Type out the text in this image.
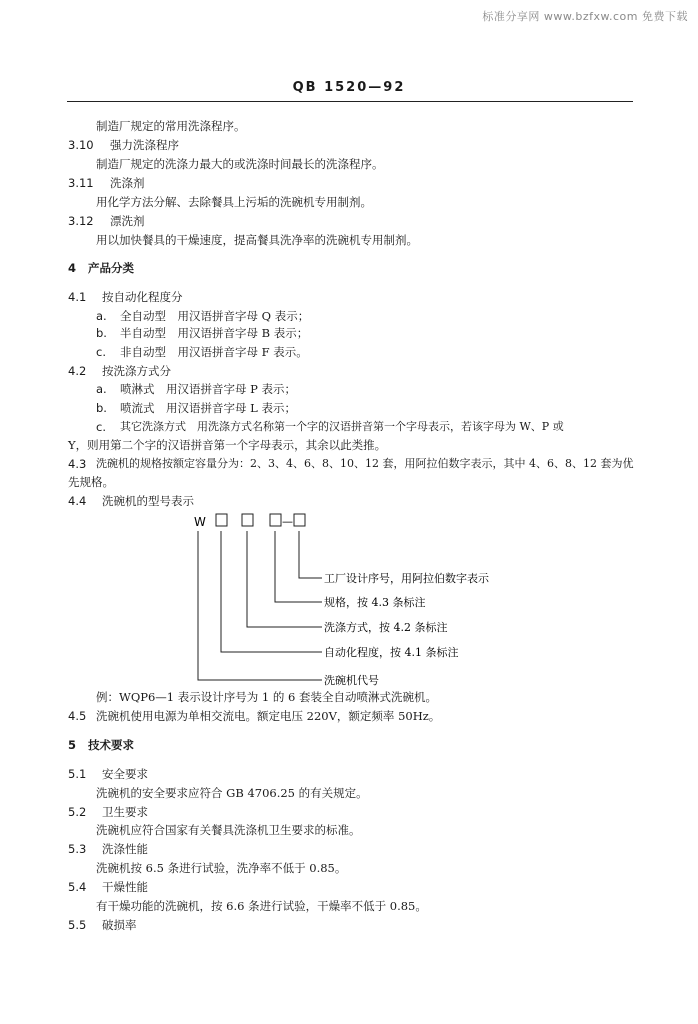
标准分享网 www.bzfxw.com 免费下载
QB 1520—92
制造厂规定的常用洗涤程序。
3.10 强力洗涤程序
制造厂规定的洗涤力最大的或洗涤时间最长的洗涤程序。
3.11 洗涤剂
用化学方法分解、去除餐具上污垢的洗碗机专用制剂。
3.12 漂洗剂
用以加快餐具的干燥速度，提高餐具洗净率的洗碗机专用制剂。
4 产品分类
4.1 按自动化程度分
a. 全自动型　用汉语拼音字母 Q 表示；
b. 半自动型　用汉语拼音字母 B 表示；
c. 非自动型　用汉语拼音字母 F 表示。
4.2 按洗涤方式分
a. 喷淋式　用汉语拼音字母 P 表示；
b. 喷流式　用汉语拼音字母 L 表示；
c. 其它洗涤方式　用洗涤方式名称第一个字的汉语拼音第一个字母表示，若该字母为 W、P 或
Y，则用第二个字的汉语拼音第一个字母表示，其余以此类推。
4.3 洗碗机的规格按额定容量分为：2、3、4、6、8、10、12 套，用阿拉伯数字表示，其中 4、6、8、12 套为优
先规格。
4.4 洗碗机的型号表示
W	—
工厂设计序号，用阿拉伯数字表示
规格，按 4.3 条标注
洗涤方式，按 4.2 条标注
自动化程度，按 4.1 条标注
洗碗机代号
例：WQP6—1 表示设计序号为 1 的 6 套装全自动喷淋式洗碗机。
4.5 洗碗机使用电源为单相交流电。额定电压 220V，额定频率 50Hz。
5 技术要求
5.1 安全要求
洗碗机的安全要求应符合 GB 4706.25 的有关规定。
5.2 卫生要求
洗碗机应符合国家有关餐具洗涤机卫生要求的标准。
5.3 洗涤性能
洗碗机按 6.5 条进行试验，洗净率不低于 0.85。
5.4 干燥性能
有干燥功能的洗碗机，按 6.6 条进行试验，干燥率不低于 0.85。
5.5 破损率
